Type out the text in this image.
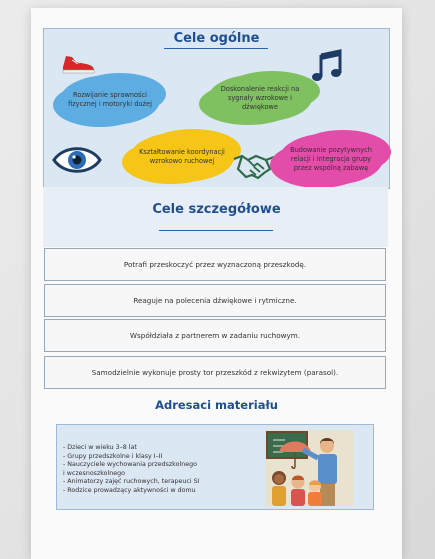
Cele ogólne
Rozwijanie sprawności fizycznej i motoryki dużej
Doskonalenie reakcji na sygnały wzrokowe i dźwiękowe
Kształtowanie koordynacji wzrokowo ruchowej
Budowanie pozytywnych relacji i integracja grupy przez wspólną zabawę
Cele szczegółowe
Potrafi przeskoczyć przez wyznaczoną przeszkodę.
Reaguje na polecenia dźwiękowe i rytmiczne.
Współdziała z partnerem w zadaniu ruchowym.
Samodzielnie wykonuje prosty tor przeszkód z rekwizytem (parasol).
Adresaci materiału
- Dzieci w wieku 3–8 lat
- Grupy przedszkolne i klasy I–II
- Nauczyciele wychowania przedszkolnego
i wczesnoszkolnego
- Animatorzy zajęć ruchowych, terapeuci SI
- Rodzice prowadzący aktywności w domu
